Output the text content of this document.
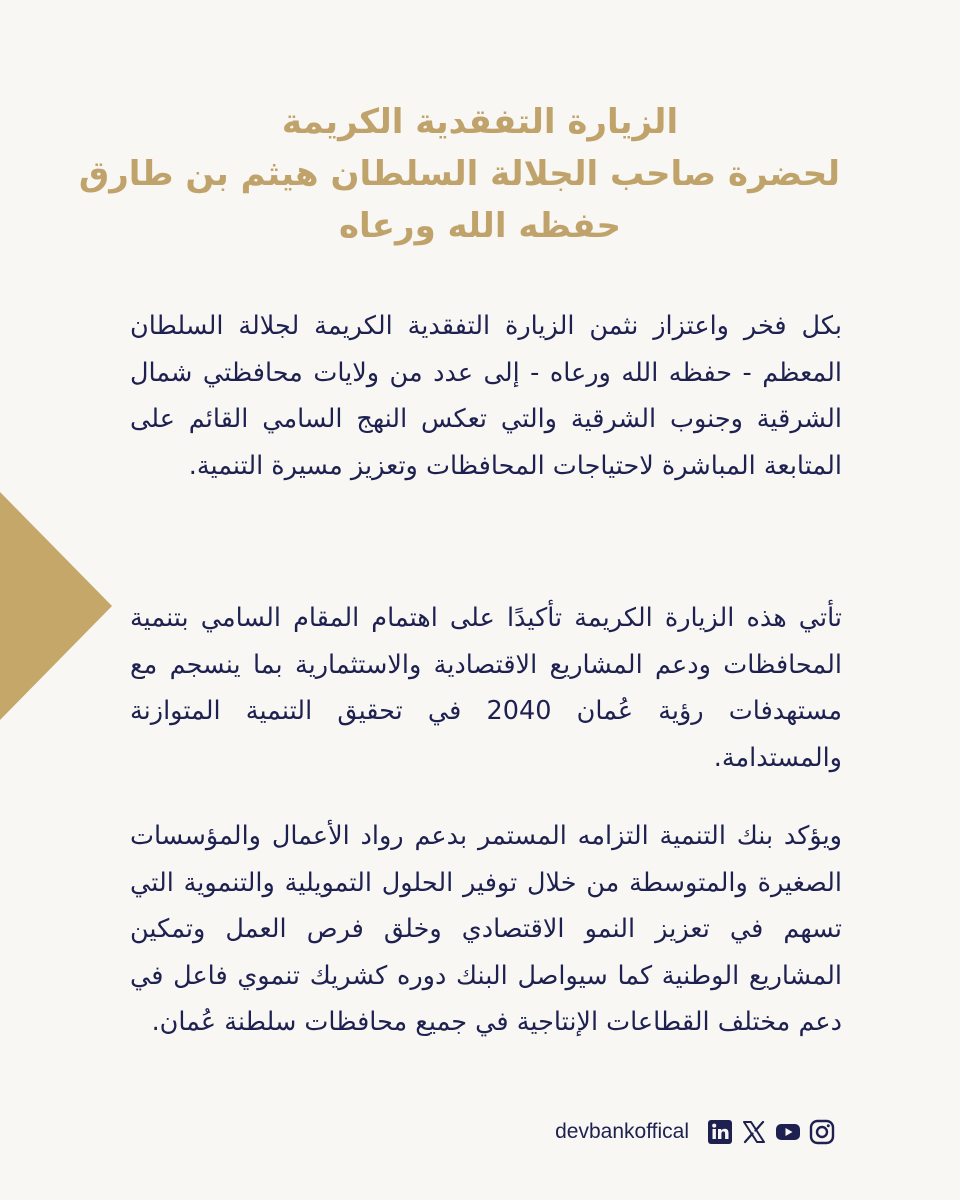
الزيارة التفقدية الكريمة
لحضرة صاحب الجلالة السلطان هيثم بن طارق
حفظه الله ورعاه
بكل فخر واعتزاز نثمن الزيارة التفقدية الكريمة لجلالة السلطان المعظم - حفظه الله ورعاه - إلى عدد من ولايات محافظتي شمال الشرقية وجنوب الشرقية والتي تعكس النهج السامي القائم على المتابعة المباشرة لاحتياجات المحافظات وتعزيز مسيرة التنمية.
تأتي هذه الزيارة الكريمة تأكيدًا على اهتمام المقام السامي بتنمية المحافظات ودعم المشاريع الاقتصادية والاستثمارية بما ينسجم مع مستهدفات رؤية عُمان 2040 في تحقيق التنمية المتوازنة والمستدامة.
ويؤكد بنك التنمية التزامه المستمر بدعم رواد الأعمال والمؤسسات الصغيرة والمتوسطة من خلال توفير الحلول التمويلية والتنموية التي تسهم في تعزيز النمو الاقتصادي وخلق فرص العمل وتمكين المشاريع الوطنية كما سيواصل البنك دوره كشريك تنموي فاعل في دعم مختلف القطاعات الإنتاجية في جميع محافظات سلطنة عُمان.
devbankoffical
